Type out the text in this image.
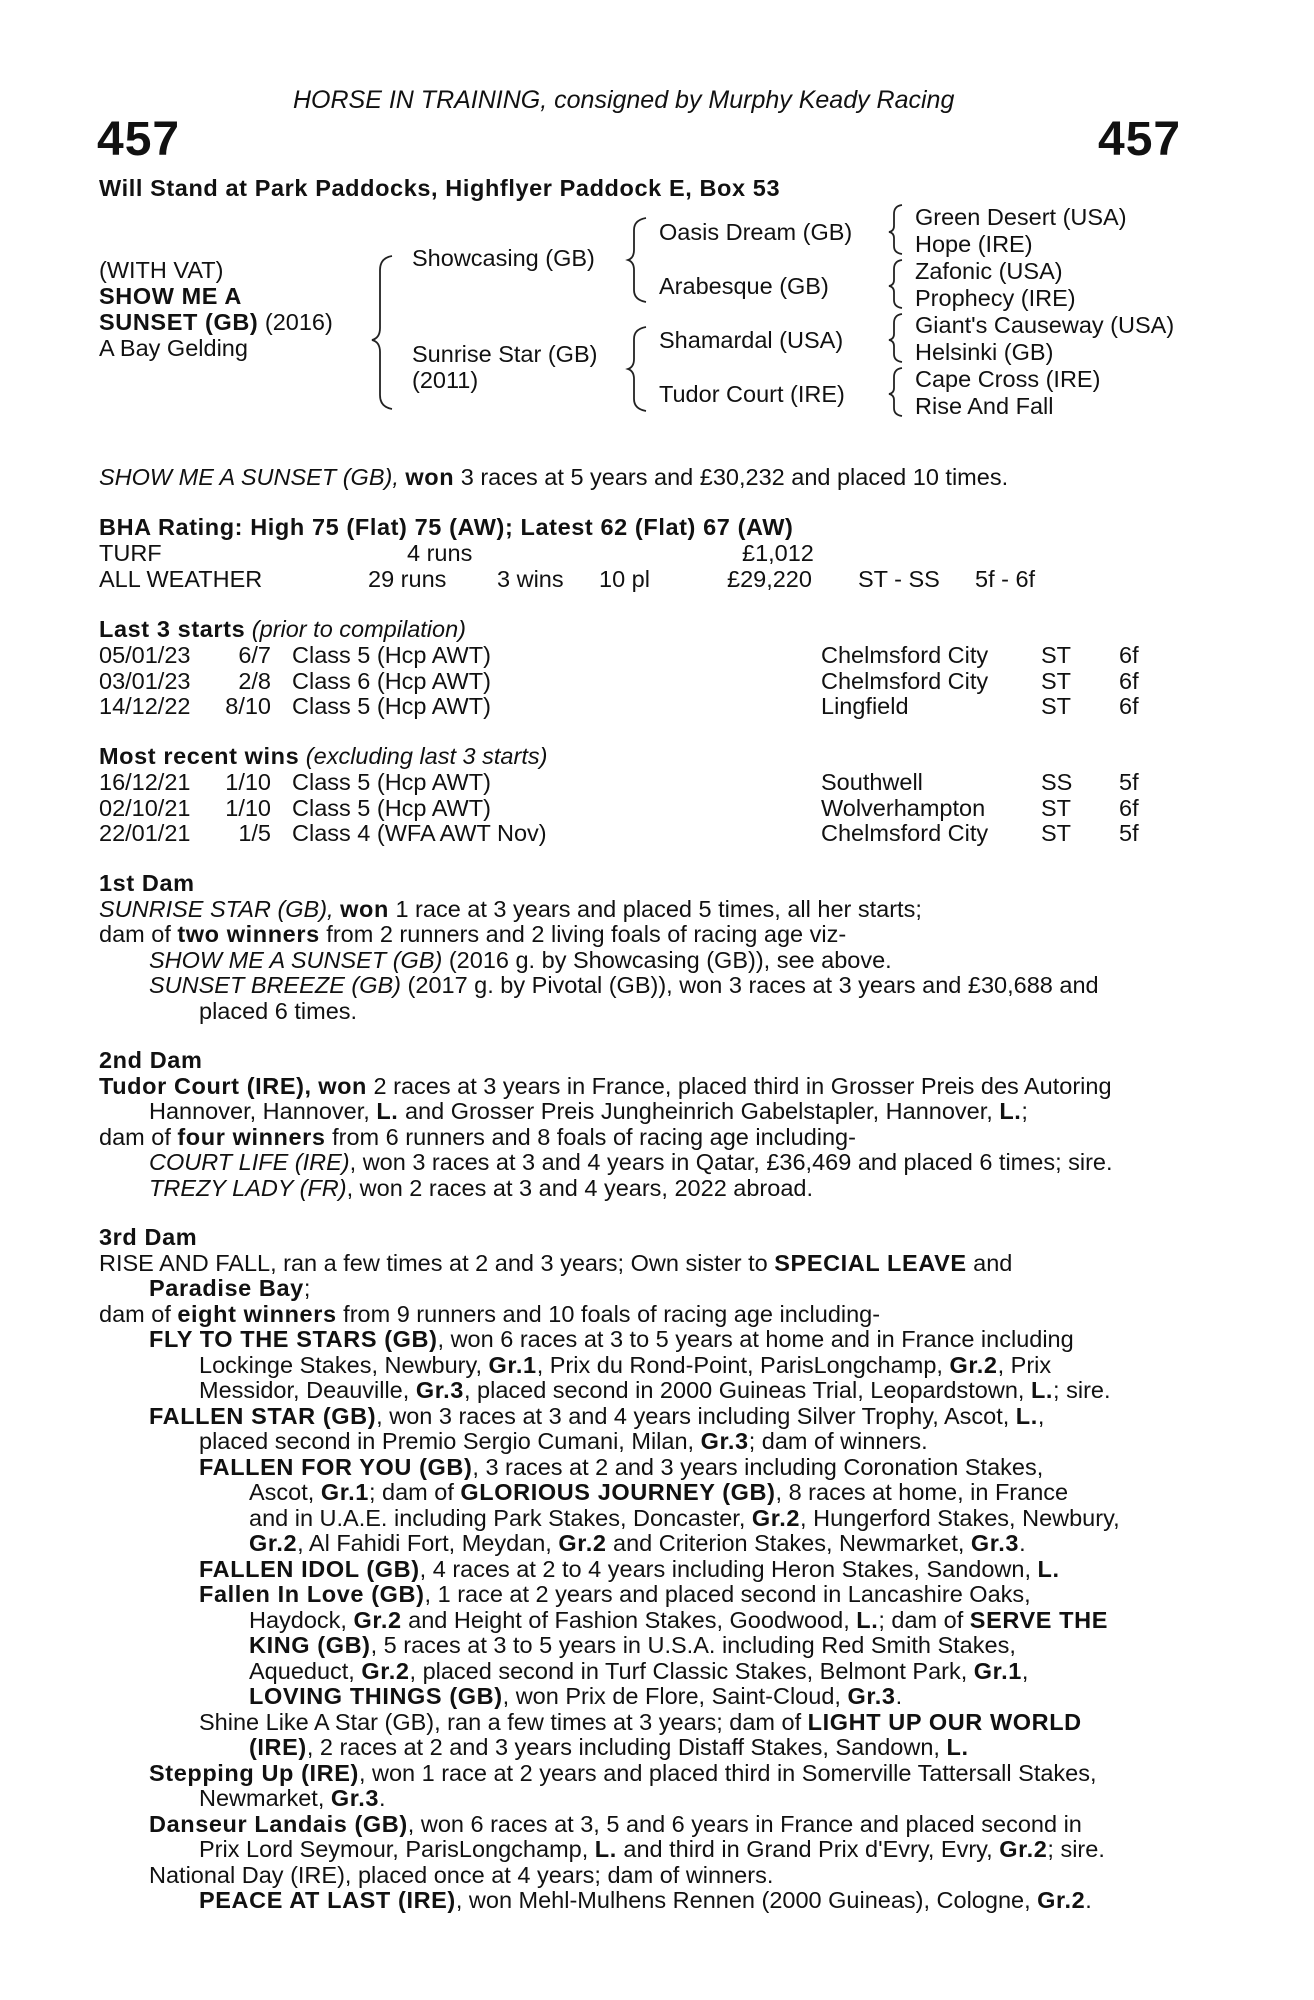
HORSE IN TRAINING, consigned by Murphy Keady Racing
457	457
Will Stand at Park Paddocks, Highflyer Paddock E, Box 53
(WITH VAT)
SHOW ME A
SUNSET (GB) (2016)
A Bay Gelding
Showcasing (GB)
Sunrise Star (GB)
(2011)
Oasis Dream (GB)
Arabesque (GB)
Shamardal (USA)
Tudor Court (IRE)
Green Desert (USA)
Hope (IRE)
Zafonic (USA)
Prophecy (IRE)
Giant's Causeway (USA)
Helsinki (GB)
Cape Cross (IRE)
Rise And Fall
SHOW ME A SUNSET (GB), won 3 races at 5 years and £30,232 and placed 10 times.
BHA Rating: High 75 (Flat) 75 (AW); Latest 62 (Flat) 67 (AW)
TURF	4 runs	£1,012
ALL WEATHER	29 runs 3 wins 10 pl	£29,220 ST - SS 5f - 6f
Last 3 starts (prior to compilation)
05/01/23	6/7 Class 5 (Hcp AWT)	Chelmsford City ST 6f
03/01/23	2/8 Class 6 (Hcp AWT)	Chelmsford City ST 6f
14/12/22	8/10 Class 5 (Hcp AWT)	Lingfield	ST 6f
Most recent wins (excluding last 3 starts)
16/12/21	1/10 Class 5 (Hcp AWT)	Southwell	SS 5f
02/10/21	1/10 Class 5 (Hcp AWT)	Wolverhampton ST 6f
22/01/21	1/5 Class 4 (WFA AWT Nov)	Chelmsford City ST 5f
1st Dam
SUNRISE STAR (GB), won 1 race at 3 years and placed 5 times, all her starts;
dam of two winners from 2 runners and 2 living foals of racing age viz-
SHOW ME A SUNSET (GB) (2016 g. by Showcasing (GB)), see above.
SUNSET BREEZE (GB) (2017 g. by Pivotal (GB)), won 3 races at 3 years and £30,688 and
placed 6 times.
2nd Dam
Tudor Court (IRE), won 2 races at 3 years in France, placed third in Grosser Preis des Autoring
Hannover, Hannover, L. and Grosser Preis Jungheinrich Gabelstapler, Hannover, L.;
dam of four winners from 6 runners and 8 foals of racing age including-
COURT LIFE (IRE), won 3 races at 3 and 4 years in Qatar, £36,469 and placed 6 times; sire.
TREZY LADY (FR), won 2 races at 3 and 4 years, 2022 abroad.
3rd Dam
RISE AND FALL, ran a few times at 2 and 3 years; Own sister to SPECIAL LEAVE and
Paradise Bay;
dam of eight winners from 9 runners and 10 foals of racing age including-
FLY TO THE STARS (GB), won 6 races at 3 to 5 years at home and in France including
Lockinge Stakes, Newbury, Gr.1, Prix du Rond-Point, ParisLongchamp, Gr.2, Prix
Messidor, Deauville, Gr.3, placed second in 2000 Guineas Trial, Leopardstown, L.; sire.
FALLEN STAR (GB), won 3 races at 3 and 4 years including Silver Trophy, Ascot, L.,
placed second in Premio Sergio Cumani, Milan, Gr.3; dam of winners.
FALLEN FOR YOU (GB), 3 races at 2 and 3 years including Coronation Stakes,
Ascot, Gr.1; dam of GLORIOUS JOURNEY (GB), 8 races at home, in France
and in U.A.E. including Park Stakes, Doncaster, Gr.2, Hungerford Stakes, Newbury,
Gr.2, Al Fahidi Fort, Meydan, Gr.2 and Criterion Stakes, Newmarket, Gr.3.
FALLEN IDOL (GB), 4 races at 2 to 4 years including Heron Stakes, Sandown, L.
Fallen In Love (GB), 1 race at 2 years and placed second in Lancashire Oaks,
Haydock, Gr.2 and Height of Fashion Stakes, Goodwood, L.; dam of SERVE THE
KING (GB), 5 races at 3 to 5 years in U.S.A. including Red Smith Stakes,
Aqueduct, Gr.2, placed second in Turf Classic Stakes, Belmont Park, Gr.1,
LOVING THINGS (GB), won Prix de Flore, Saint-Cloud, Gr.3.
Shine Like A Star (GB), ran a few times at 3 years; dam of LIGHT UP OUR WORLD
(IRE), 2 races at 2 and 3 years including Distaff Stakes, Sandown, L.
Stepping Up (IRE), won 1 race at 2 years and placed third in Somerville Tattersall Stakes,
Newmarket, Gr.3.
Danseur Landais (GB), won 6 races at 3, 5 and 6 years in France and placed second in
Prix Lord Seymour, ParisLongchamp, L. and third in Grand Prix d'Evry, Evry, Gr.2; sire.
National Day (IRE), placed once at 4 years; dam of winners.
PEACE AT LAST (IRE), won Mehl-Mulhens Rennen (2000 Guineas), Cologne, Gr.2.
